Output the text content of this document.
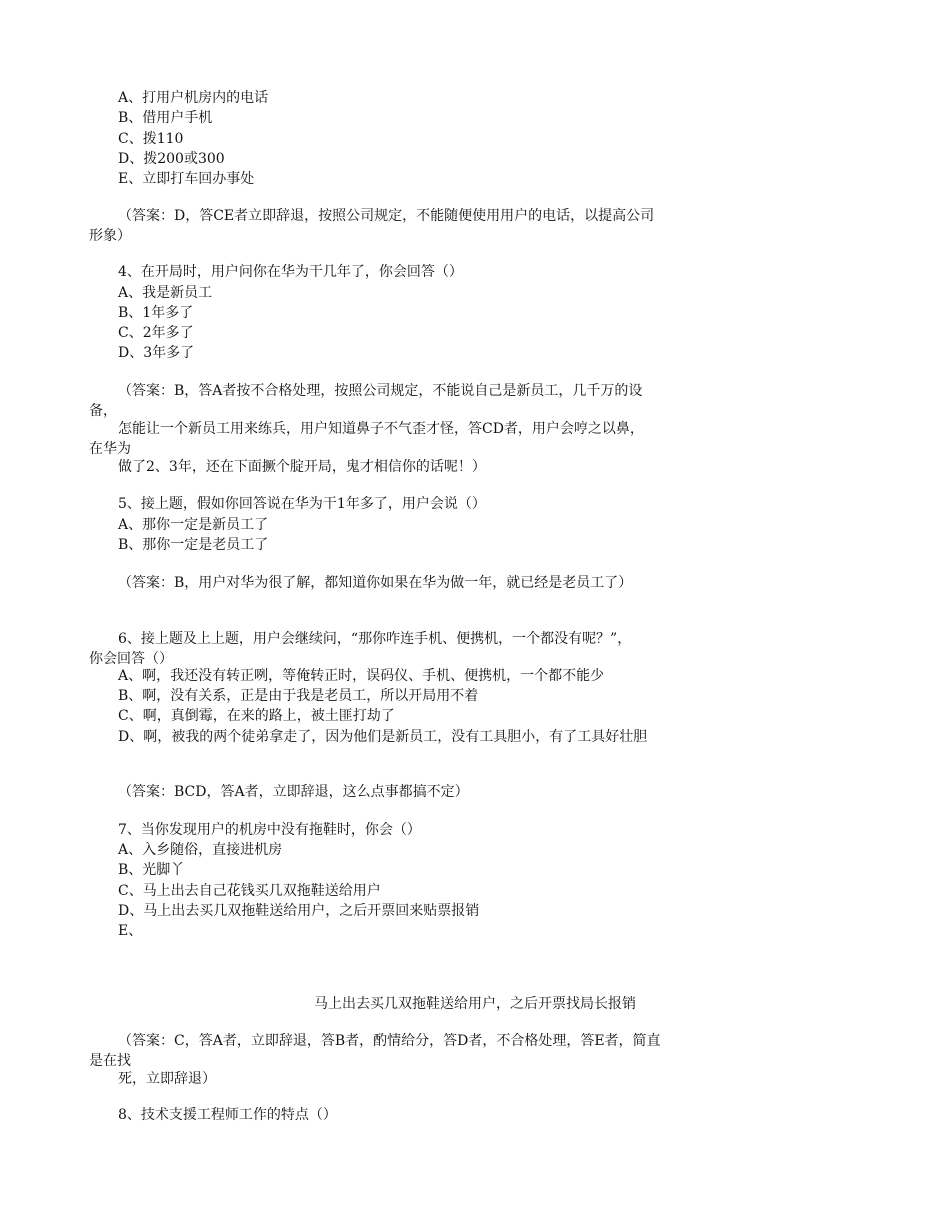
A、打用户机房内的电话
B、借用户手机
C、拨110
D、拨200或300
E、立即打车回办事处
（答案：D，答CE者立即辞退，按照公司规定，不能随便使用用户的电话，以提高公司
形象）
4、在开局时，用户问你在华为干几年了，你会回答（）
A、我是新员工
B、1年多了
C、2年多了
D、3年多了
（答案：B，答A者按不合格处理，按照公司规定，不能说自己是新员工，几千万的设
备，
怎能让一个新员工用来练兵，用户知道鼻子不气歪才怪，答CD者，用户会哼之以鼻，
在华为
做了2、3年，还在下面撅个腚开局，鬼才相信你的话呢！）
5、接上题，假如你回答说在华为干1年多了，用户会说（）
A、那你一定是新员工了
B、那你一定是老员工了
（答案：B，用户对华为很了解，都知道你如果在华为做一年，就已经是老员工了）
6、接上题及上上题，用户会继续问，“那你咋连手机、便携机，一个都没有呢？”，
你会回答（）
A、啊，我还没有转正咧，等俺转正时，误码仪、手机、便携机，一个都不能少
B、啊，没有关系，正是由于我是老员工，所以开局用不着
C、啊，真倒霉，在来的路上，被土匪打劫了
D、啊，被我的两个徒弟拿走了，因为他们是新员工，没有工具胆小，有了工具好壮胆
（答案：BCD，答A者，立即辞退，这么点事都搞不定）
7、当你发现用户的机房中没有拖鞋时，你会（）
A、入乡随俗，直接进机房
B、光脚丫
C、马上出去自己花钱买几双拖鞋送给用户
D、马上出去买几双拖鞋送给用户，之后开票回来贴票报销
E、
马上出去买几双拖鞋送给用户，之后开票找局长报销
（答案：C，答A者，立即辞退，答B者，酌情给分，答D者，不合格处理，答E者，简直
是在找
死，立即辞退）
8、技术支援工程师工作的特点（）
